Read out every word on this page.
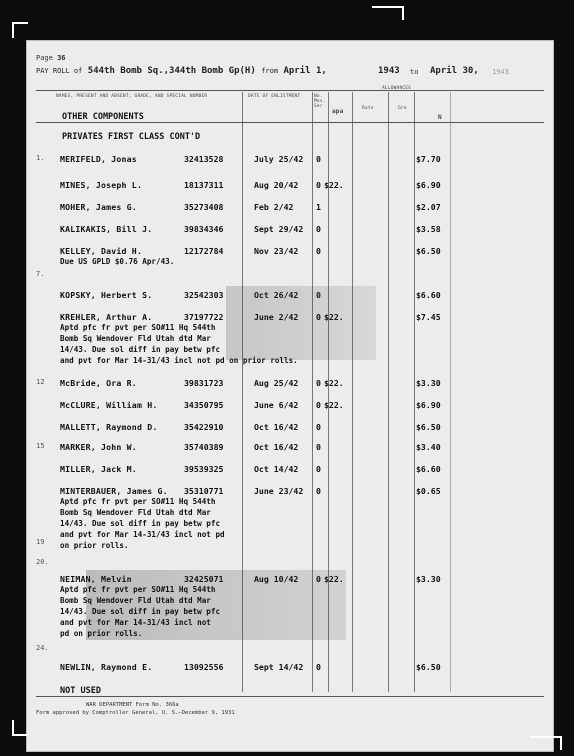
Page 36
PAY ROLL of 544th Bomb Sq.,344th Bomb Gp(H) from April 1,	1943 to April 30, 1943
NAMES, PRESENT AND ABSENT, GRADE, AND SPECIAL NUMBER	DATE OF ENLISTMENT	No. Mos. Ser
apa
ALLOWANCES
Rate	Gro
N
OTHER COMPONENTS
PRIVATES FIRST CLASS CONT'D
1. MERIFELD, Jonas	32413528	July 25/42 0	$7.70
MINES, Joseph L.	18137311	Aug 20/42 0 $22.	$6.90
MOHER, James G.	35273408	Feb 2/42	1	$2.07
KALIKAKIS, Bill J.	39834346	Sept 29/42 0	$3.58
KELLEY, David H.	12172784	Nov 23/42 0	$6.50
Due US GPLD $0.76 Apr/43.
7.
KOPSKY, Herbert S.	32542303	Oct 26/42 0	$6.60
KREHLER, Arthur A.	37197722	June 2/42 0 $22.	$7.45
Aptd pfc fr pvt per SO#11 Hq 544th
Bomb Sq Wendover Fld Utah dtd Mar
14/43. Due sol diff in pay betw pfc
and pvt for Mar 14-31/43 incl not pd on prior rolls.
12 McBride, Ora R.	39831723	Aug 25/42 0 $22.	$3.30
McCLURE, William H.	34350795	June 6/42 0 $22.	$6.90
MALLETT, Raymond D.	35422910	Oct 16/42 0	$6.50
15 MARKER, John W.	35740389	Oct 16/42 0	$3.40
MILLER, Jack M.	39539325	Oct 14/42 0	$6.60
MINTERBAUER, James G. 35310771	June 23/42 0	$0.65
Aptd pfc fr pvt per SO#11 Hq 544th
Bomb Sq Wendover Fld Utah dtd Mar
14/43. Due sol diff in pay betw pfc
and pvt for Mar 14-31/43 incl not pd
on prior rolls.
19
20.
NEIMAN, Melvin	32425071	Aug 10/42 0 $22.	$3.30
Aptd pfc fr pvt per SO#11 Hq 544th
Bomb Sq Wendover Fld Utah dtd Mar
14/43. Due sol diff in pay betw pfc
and pvt for Mar 14-31/43 incl not
pd on prior rolls.
24.
NEWLIN, Raymond E.	13092556	Sept 14/42 0	$6.50
NOT USED
WAR DEPARTMENT Form No. 366a
Form approved by Comptroller General, U. S.—December 9, 1931
